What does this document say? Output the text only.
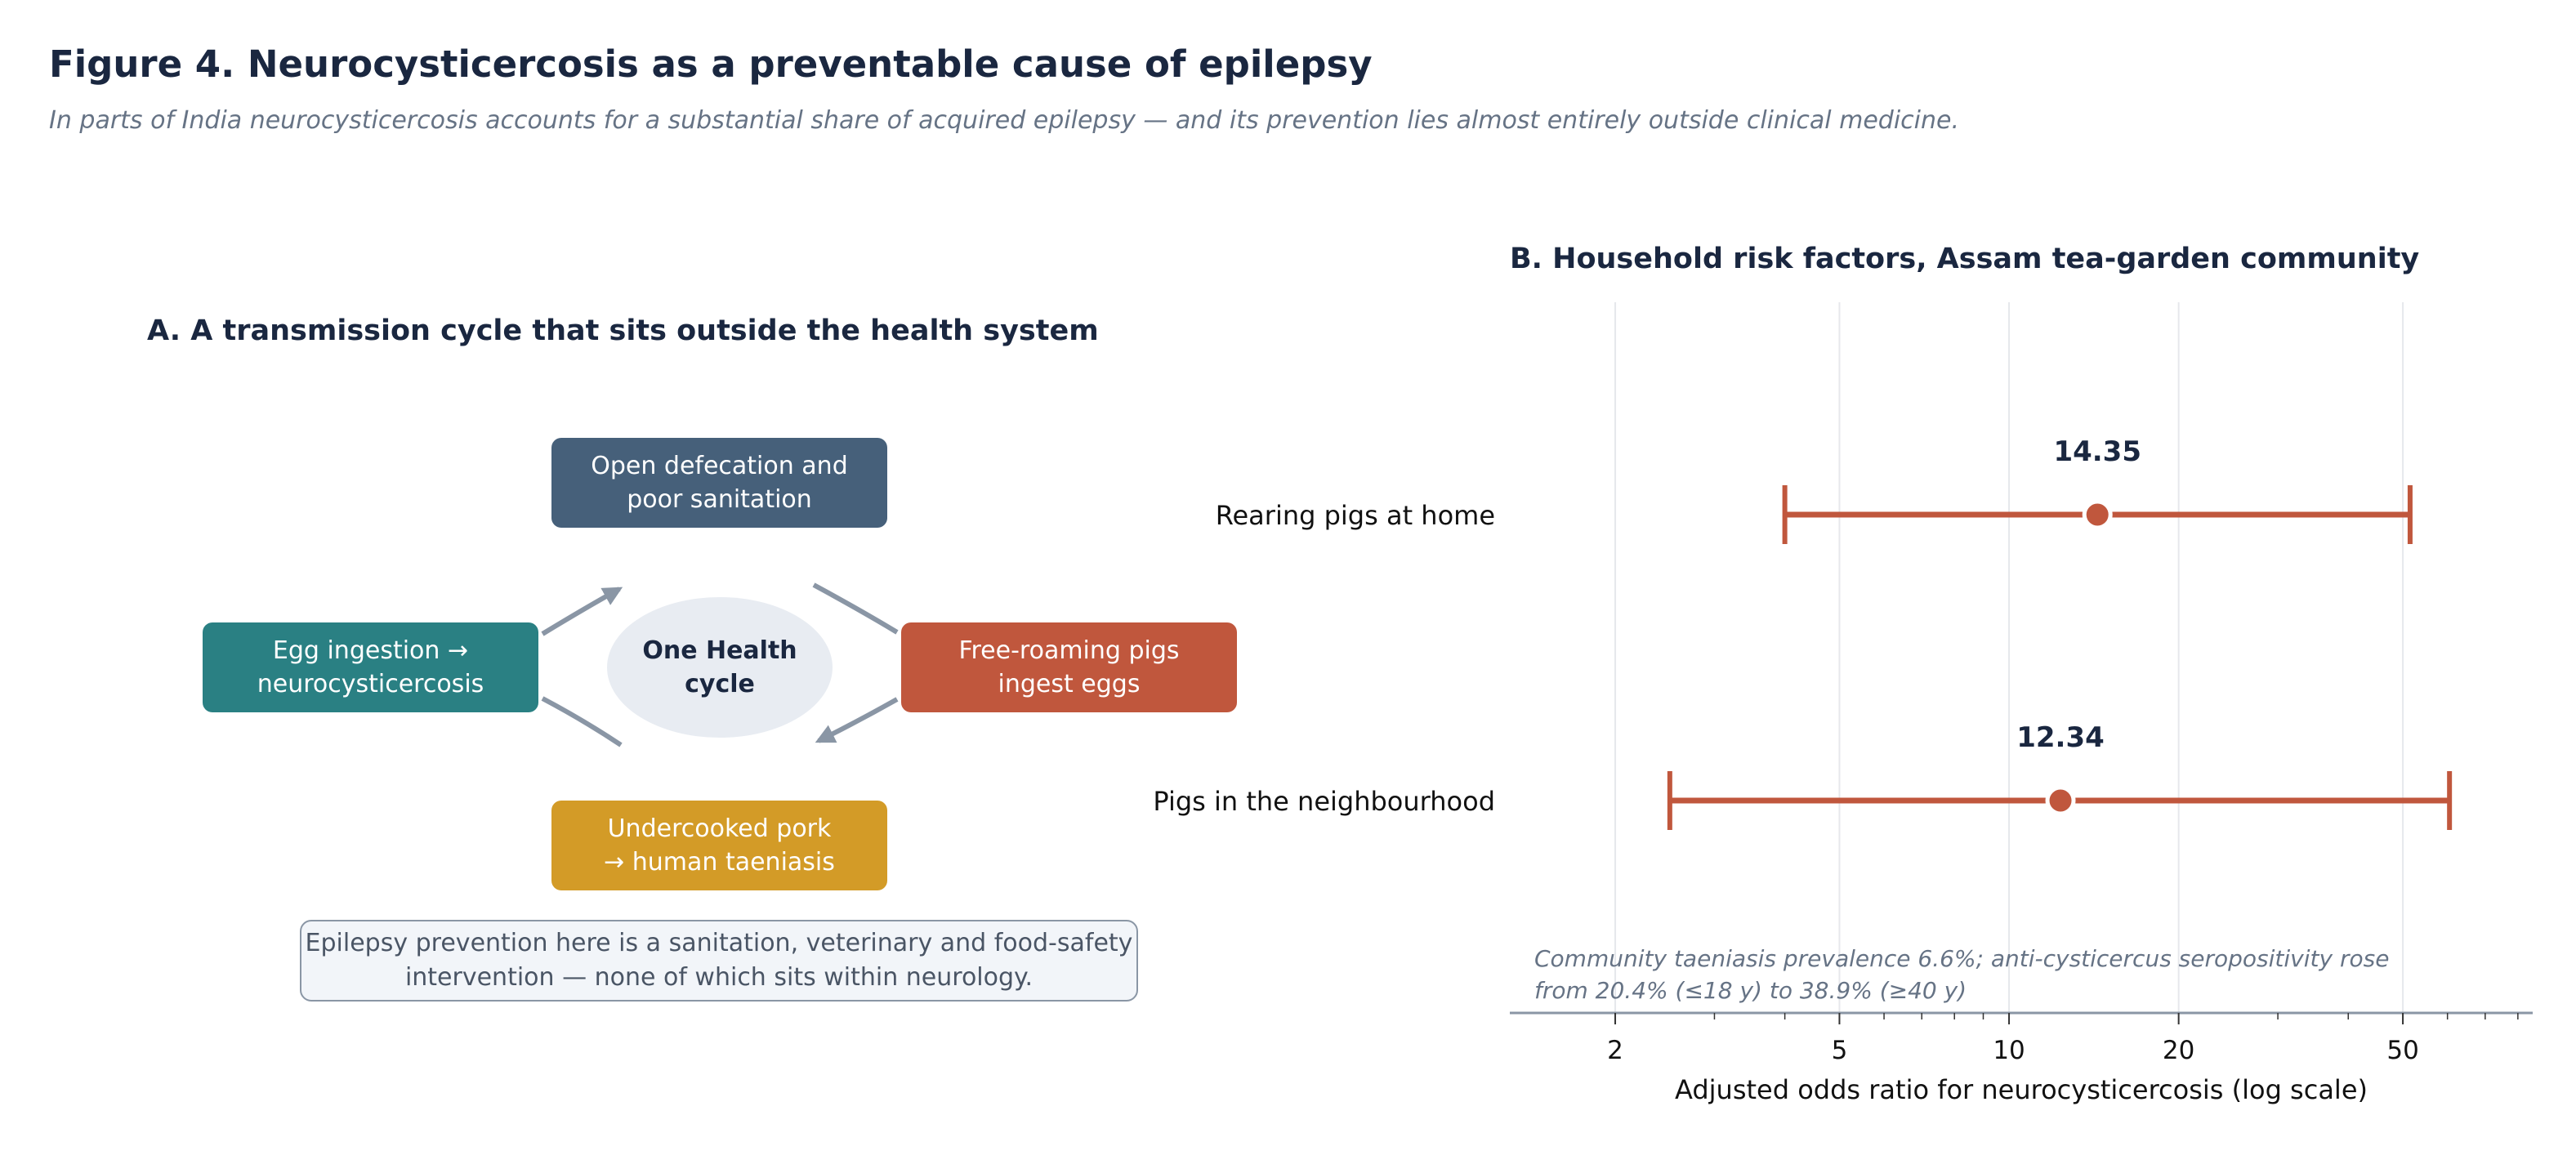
Figure 4. Neurocysticercosis as a preventable cause of epilepsy

In parts of India neurocysticercosis accounts for a substantial share of acquired epilepsy — and its prevention lies almost entirely outside clinical medicine.

A. A transmission cycle that sits outside the health system
Open defecation and
poor sanitation
Free-roaming pigs
ingest eggs
Undercooked pork
→ human taeniasis
Egg ingestion →
neurocysticercosis
One Health
cycle
Epilepsy prevention here is a sanitation, veterinary and food-safety
intervention — none of which sits within neurology.
B. Household risk factors, Assam tea-garden community
Rearing pigs at home
14.35
Pigs in the neighbourhood
12.34
2	5	10	20	50
Community taeniasis prevalence 6.6%; anti-cysticercus seropositivity rose
from 20.4% (≤18 y) to 38.9% (≥40 y)
Adjusted odds ratio for neurocysticercosis (log scale)
